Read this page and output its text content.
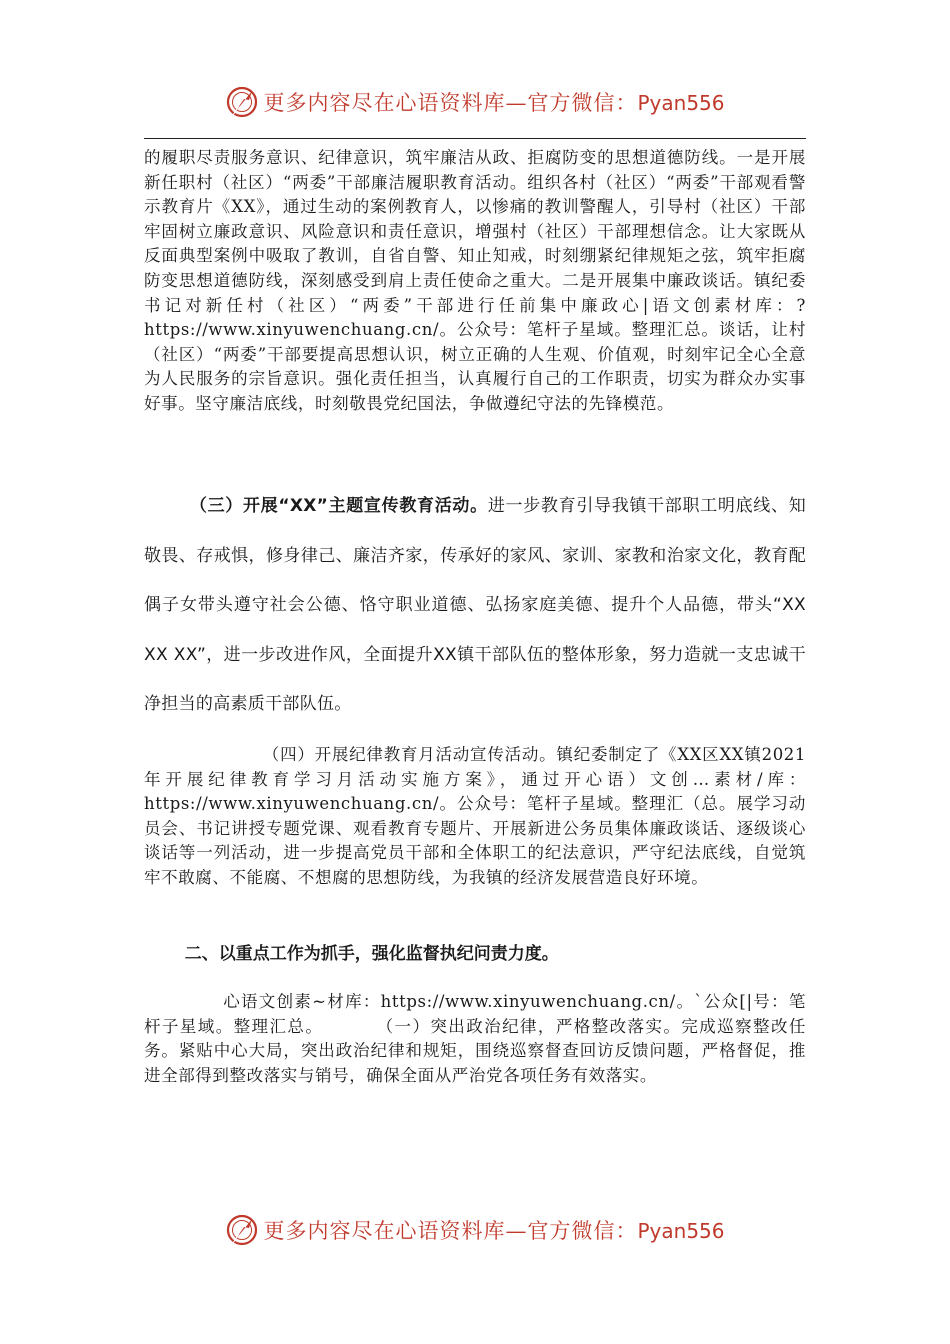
更多内容尽在心语资料库—官方微信：Pyan556

的履职尽责服务意识、纪律意识，筑牢廉洁从政、拒腐防变的思想道德防线。一是开展新任职村（社区）“两委”干部廉洁履职教育活动。组织各村（社区）“两委”干部观看警示教育片《XX》，通过生动的案例教育人，以惨痛的教训警醒人，引导村（社区）干部牢固树立廉政意识、风险意识和责任意识，增强村（社区）干部理想信念。让大家既从反面典型案例中吸取了教训，自省自警、知止知戒，时刻绷紧纪律规矩之弦，筑牢拒腐防变思想道德防线，深刻感受到肩上责任使命之重大。二是开展集中廉政谈话。镇纪委书记对新任村（社区）“两委”干部进行任前集中廉政心|语文创素材库：?https://www.xinyuwenchuang.cn/。公众号：笔杆子星域。整理汇总。谈话，让村（社区）“两委”干部要提高思想认识，树立正确的人生观、价值观，时刻牢记全心全意为人民服务的宗旨意识。强化责任担当，认真履行自己的工作职责，切实为群众办实事好事。坚守廉洁底线，时刻敬畏党纪国法，争做遵纪守法的先锋模范。

（三）开展“XX”主题宣传教育活动。进一步教育引导我镇干部职工明底线、知敬畏、存戒惧，修身律己、廉洁齐家，传承好的家风、家训、家教和治家文化，教育配偶子女带头遵守社会公德、恪守职业道德、弘扬家庭美德、提升个人品德，带头“XX XX XX”，进一步改进作风，全面提升XX镇干部队伍的整体形象，努力造就一支忠诚干净担当的高素质干部队伍。

（四）开展纪律教育月活动宣传活动。镇纪委制定了《XX区XX镇2021年开展纪律教育学习月活动实施方案》，通过开心语）文创…素材/库：https://www.xinyuwenchuang.cn/。公众号：笔杆子星域。整理汇（总。展学习动员会、书记讲授专题党课、观看教育专题片、开展新进公务员集体廉政谈话、逐级谈心谈话等一列活动，进一步提高党员干部和全体职工的纪法意识，严守纪法底线，自觉筑牢不敢腐、不能腐、不想腐的思想防线，为我镇的经济发展营造良好环境。

二、以重点工作为抓手，强化监督执纪问责力度。

心语文创素~材库：https://www.xinyuwenchuang.cn/。`公众[|号：笔杆子星域。整理汇总。        （一）突出政治纪律，严格整改落实。完成巡察整改任务。紧贴中心大局，突出政治纪律和规矩，围绕巡察督查回访反馈问题，严格督促，推进全部得到整改落实与销号，确保全面从严治党各项任务有效落实。

更多内容尽在心语资料库—官方微信：Pyan556
